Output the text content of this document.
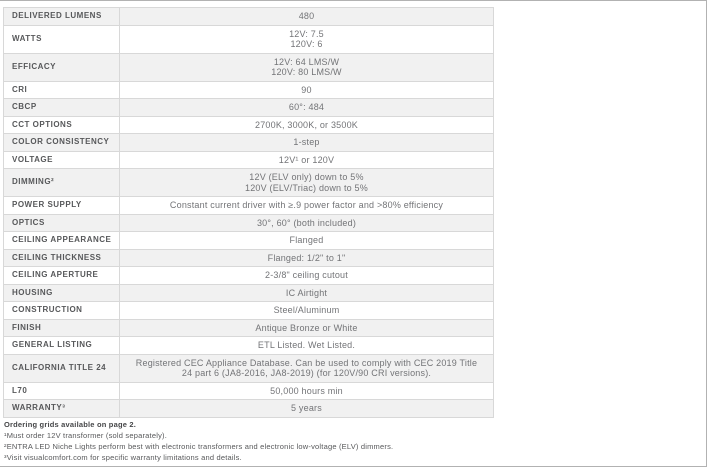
DELIVERED LUMENS	480

WATTS	12V: 7.5
120V: 6

EFFICACY	12V: 64 LMS/W
120V: 80 LMS/W

CRI	90

CBCP	60°: 484

CCT OPTIONS	2700K, 3000K, or 3500K

COLOR CONSISTENCY	1-step

VOLTAGE	12V¹ or 120V

DIMMING²	12V (ELV only) down to 5%
120V (ELV/Triac) down to 5%

POWER SUPPLY	Constant current driver with ≥.9 power factor and >80% efficiency

OPTICS	30°, 60° (both included)

CEILING APPEARANCE	Flanged

CEILING THICKNESS	Flanged: 1/2" to 1"

CEILING APERTURE	2-3/8" ceiling cutout

HOUSING	IC Airtight

CONSTRUCTION	Steel/Aluminum

FINISH	Antique Bronze or White

GENERAL LISTING	ETL Listed. Wet Listed.

CALIFORNIA TITLE 24	Registered CEC Appliance Database. Can be used to comply with CEC 2019 Title 24 part 6 (JA8-2016, JA8-2019) (for 120V/90 CRI versions).

L70	50,000 hours min

WARRANTY³	5 years
Ordering grids available on page 2.
¹Must order 12V transformer (sold separately).
²ENTRA LED Niche Lights perform best with electronic transformers and electronic low-voltage (ELV) dimmers.
³Visit visualcomfort.com for specific warranty limitations and details.
